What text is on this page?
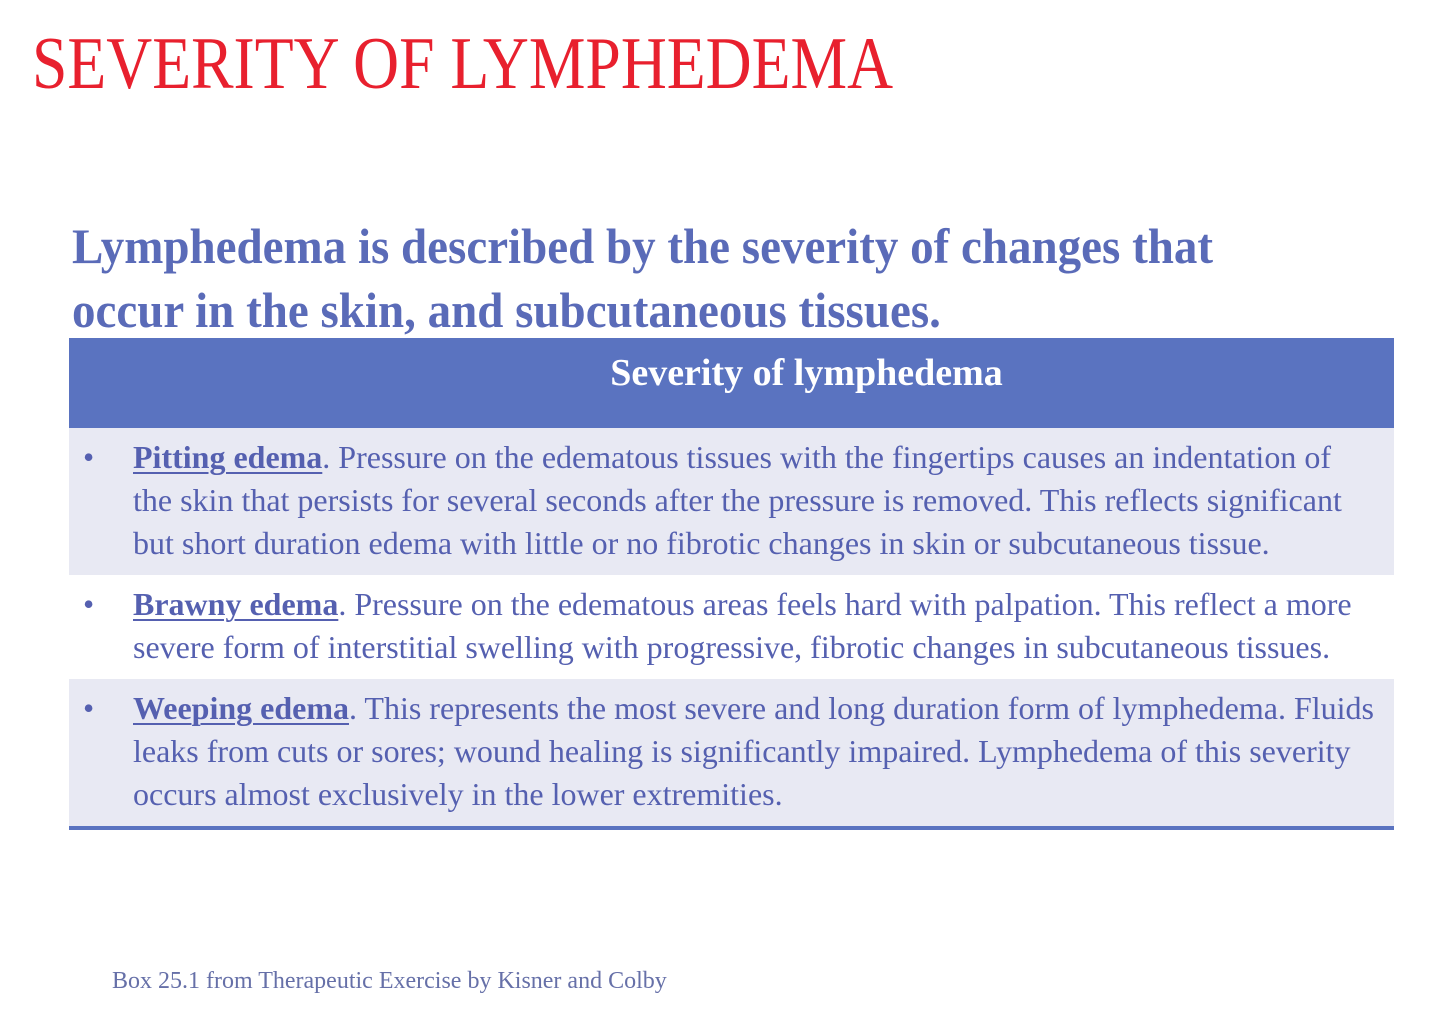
SEVERITY OF LYMPHEDEMA
Lymphedema is described by the severity of changes that occur in the skin, and subcutaneous tissues.
Severity of lymphedema
• Pitting edema. Pressure on the edematous tissues with the fingertips causes an indentation of the skin that persists for several seconds after the pressure is removed. This reflects significant but short duration edema with little or no fibrotic changes in skin or subcutaneous tissue.
• Brawny edema. Pressure on the edematous areas feels hard with palpation. This reflect a more severe form of interstitial swelling with progressive, fibrotic changes in subcutaneous tissues.
• Weeping edema. This represents the most severe and long duration form of lymphedema. Fluids leaks from cuts or sores; wound healing is significantly impaired. Lymphedema of this severity occurs almost exclusively in the lower extremities.
Box 25.1 from Therapeutic Exercise by Kisner and Colby
